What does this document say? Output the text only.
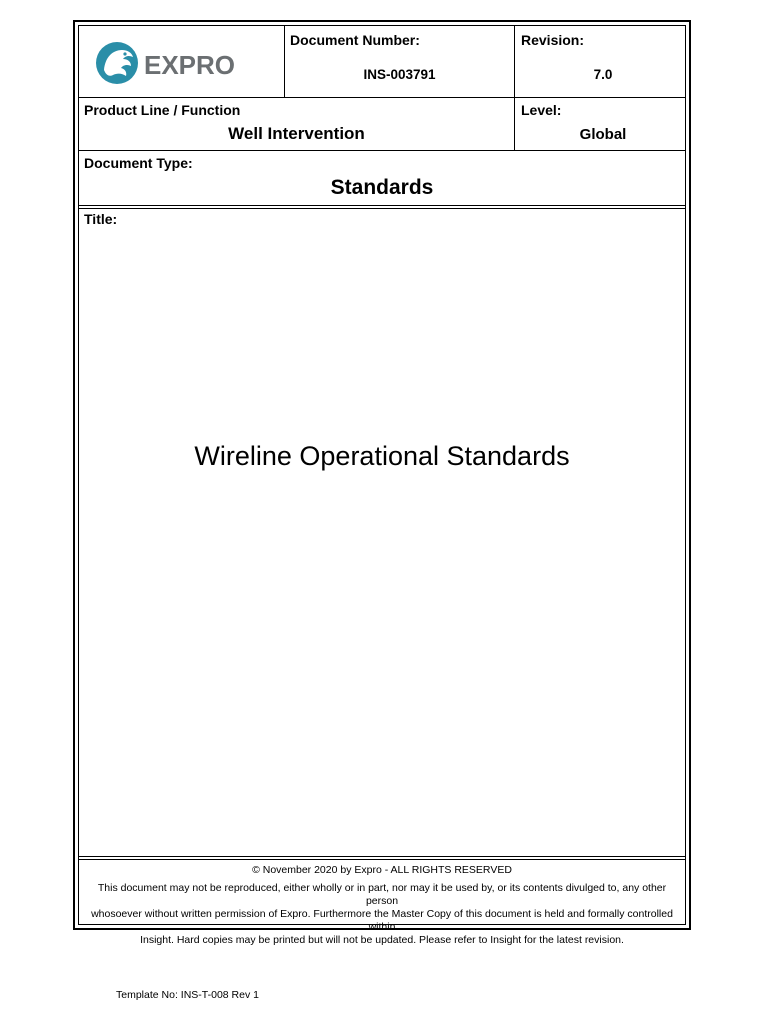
EXPRO
Document Number:
INS-003791
Revision:
7.0
Product Line / Function
Well Intervention
Level:
Global
Document Type:
Standards
Title:
Wireline Operational Standards
© November 2020 by Expro - ALL RIGHTS RESERVED
This document may not be reproduced, either wholly or in part, nor may it be used by, or its contents divulged to, any other person
whosoever without written permission of Expro. Furthermore the Master Copy of this document is held and formally controlled within
Insight. Hard copies may be printed but will not be updated. Please refer to Insight for the latest revision.
Template No: INS-T-008 Rev 1
